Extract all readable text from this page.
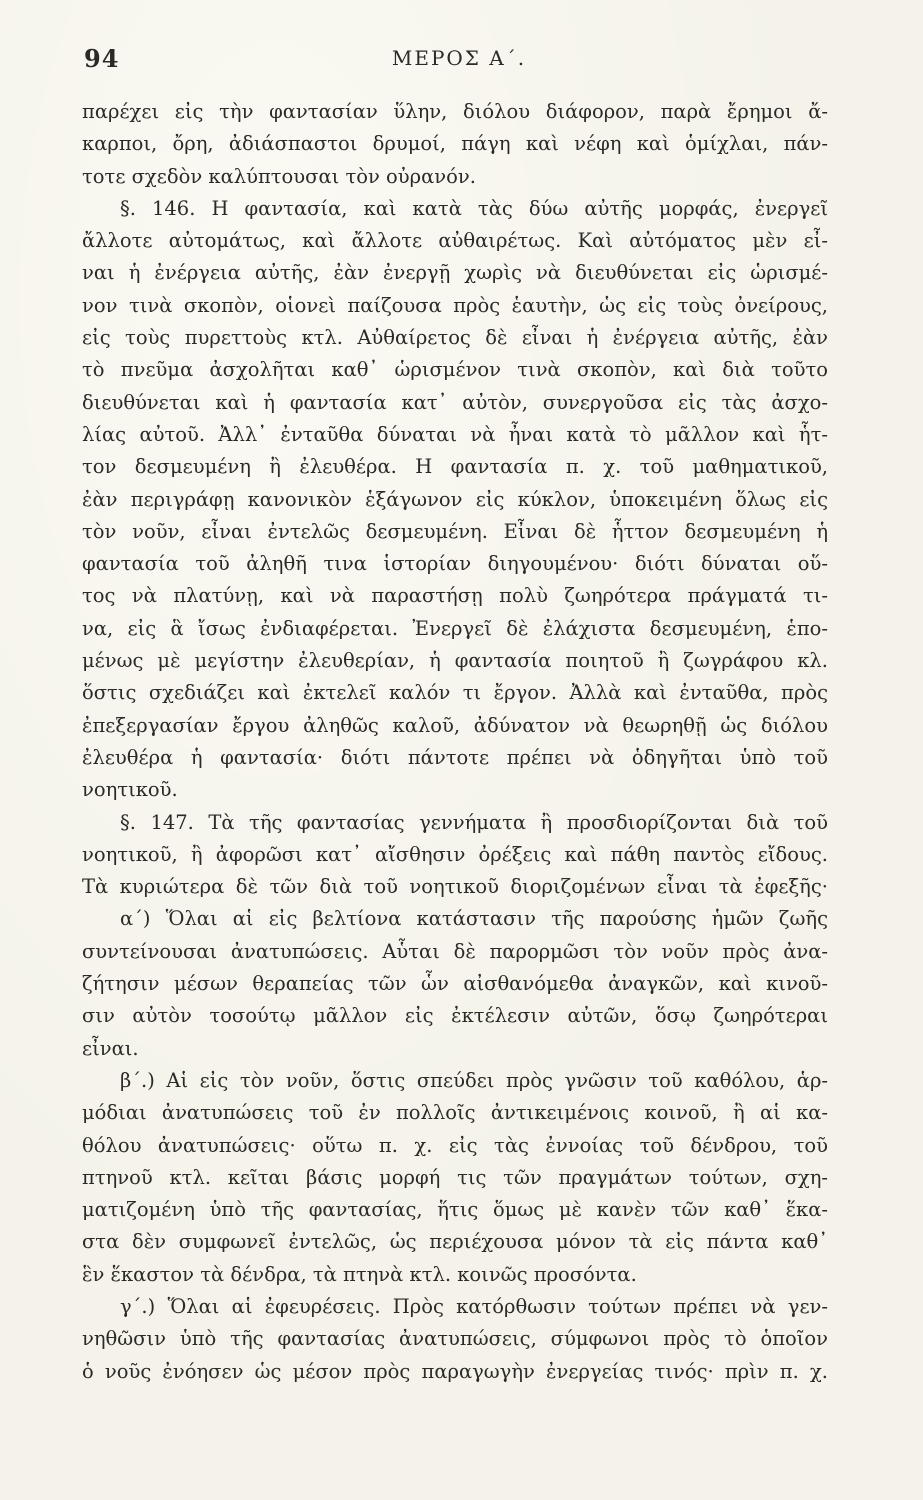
94	ΜΕΡΟΣ Α΄.
παρέχει εἰς τὴν φαντασίαν ὕλην, διόλου διάφορον, παρὰ ἔρημοι ἄ-
καρποι, ὄρη, ἀδιάσπαστοι δρυμοί, πάγη καὶ νέφη καὶ ὁμίχλαι, πάν-
τοτε σχεδὸν καλύπτουσαι τὸν οὐρανόν.
§. 146. Η φαντασία, καὶ κατὰ τὰς δύω αὐτῆς μορφάς, ἐνεργεῖ
ἄλλοτε αὐτομάτως, καὶ ἄλλοτε αὐθαιρέτως. Καὶ αὐτόματος μὲν εἶ-
ναι ἡ ἐνέργεια αὐτῆς, ἐὰν ἐνεργῇ χωρὶς νὰ διευθύνεται εἰς ὡρισμέ-
νον τινὰ σκοπὸν, οἱονεὶ παίζουσα πρὸς ἑαυτὴν, ὡς εἰς τοὺς ὀνείρους,
εἰς τοὺς πυρεττοὺς κτλ. Αὐθαίρετος δὲ εἶναι ἡ ἐνέργεια αὐτῆς, ἐὰν
τὸ πνεῦμα ἀσχολῆται καθ᾿ ὡρισμένον τινὰ σκοπὸν, καὶ διὰ τοῦτο
διευθύνεται καὶ ἡ φαντασία κατ᾿ αὐτὸν, συνεργοῦσα εἰς τὰς ἀσχο-
λίας αὐτοῦ. Ἀλλ᾿ ἐνταῦθα δύναται νὰ ἦναι κατὰ τὸ μᾶλλον καὶ ἧτ-
τον δεσμευμένη ἢ ἐλευθέρα. Η φαντασία π. χ. τοῦ μαθηματικοῦ,
ἐὰν περιγράφῃ κανονικὸν ἑξάγωνον εἰς κύκλον, ὑποκειμένη ὅλως εἰς
τὸν νοῦν, εἶναι ἐντελῶς δεσμευμένη. Εἶναι δὲ ἧττον δεσμευμένη ἡ
φαντασία τοῦ ἀληθῆ τινα ἱστορίαν διηγουμένου· διότι δύναται οὕ-
τος νὰ πλατύνῃ, καὶ νὰ παραστήσῃ πολὺ ζωηρότερα πράγματά τι-
να, εἰς ἃ ἴσως ἐνδιαφέρεται. Ἐνεργεῖ δὲ ἐλάχιστα δεσμευμένη, ἑπο-
μένως μὲ μεγίστην ἐλευθερίαν, ἡ φαντασία ποιητοῦ ἢ ζωγράφου κλ.
ὅστις σχεδιάζει καὶ ἐκτελεῖ καλόν τι ἔργον. Ἀλλὰ καὶ ἐνταῦθα, πρὸς
ἐπεξεργασίαν ἔργου ἀληθῶς καλοῦ, ἀδύνατον νὰ θεωρηθῇ ὡς διόλου
ἐλευθέρα ἡ φαντασία· διότι πάντοτε πρέπει νὰ ὁδηγῆται ὑπὸ τοῦ
νοητικοῦ.
§. 147. Τὰ τῆς φαντασίας γεννήματα ἢ προσδιορίζονται διὰ τοῦ
νοητικοῦ, ἢ ἀφορῶσι κατ᾿ αἴσθησιν ὀρέξεις καὶ πάθη παντὸς εἴδους.
Τὰ κυριώτερα δὲ τῶν διὰ τοῦ νοητικοῦ διοριζομένων εἶναι τὰ ἐφεξῆς·
α΄) Ὅλαι αἱ εἰς βελτίονα κατάστασιν τῆς παρούσης ἡμῶν ζωῆς
συντείνουσαι ἀνατυπώσεις. Αὗται δὲ παρορμῶσι τὸν νοῦν πρὸς ἀνα-
ζήτησιν μέσων θεραπείας τῶν ὧν αἰσθανόμεθα ἀναγκῶν, καὶ κινοῦ-
σιν αὐτὸν τοσούτῳ μᾶλλον εἰς ἐκτέλεσιν αὐτῶν, ὅσῳ ζωηρότεραι
εἶναι.
β΄.) Αἱ εἰς τὸν νοῦν, ὅστις σπεύδει πρὸς γνῶσιν τοῦ καθόλου, ἁρ-
μόδιαι ἀνατυπώσεις τοῦ ἐν πολλοῖς ἀντικειμένοις κοινοῦ, ἢ αἱ κα-
θόλου ἀνατυπώσεις· οὕτω π. χ. εἰς τὰς ἐννοίας τοῦ δένδρου, τοῦ
πτηνοῦ κτλ. κεῖται βάσις μορφή τις τῶν πραγμάτων τούτων, σχη-
ματιζομένη ὑπὸ τῆς φαντασίας, ἥτις ὅμως μὲ κανὲν τῶν καθ᾿ ἕκα-
στα δὲν συμφωνεῖ ἐντελῶς, ὡς περιέχουσα μόνον τὰ εἰς πάντα καθ᾿
ἓν ἕκαστον τὰ δένδρα, τὰ πτηνὰ κτλ. κοινῶς προσόντα.
γ΄.) Ὅλαι αἱ ἐφευρέσεις. Πρὸς κατόρθωσιν τούτων πρέπει νὰ γεν-
νηθῶσιν ὑπὸ τῆς φαντασίας ἀνατυπώσεις, σύμφωνοι πρὸς τὸ ὁποῖον
ὁ νοῦς ἐνόησεν ὡς μέσον πρὸς παραγωγὴν ἐνεργείας τινός· πρὶν π. χ.
